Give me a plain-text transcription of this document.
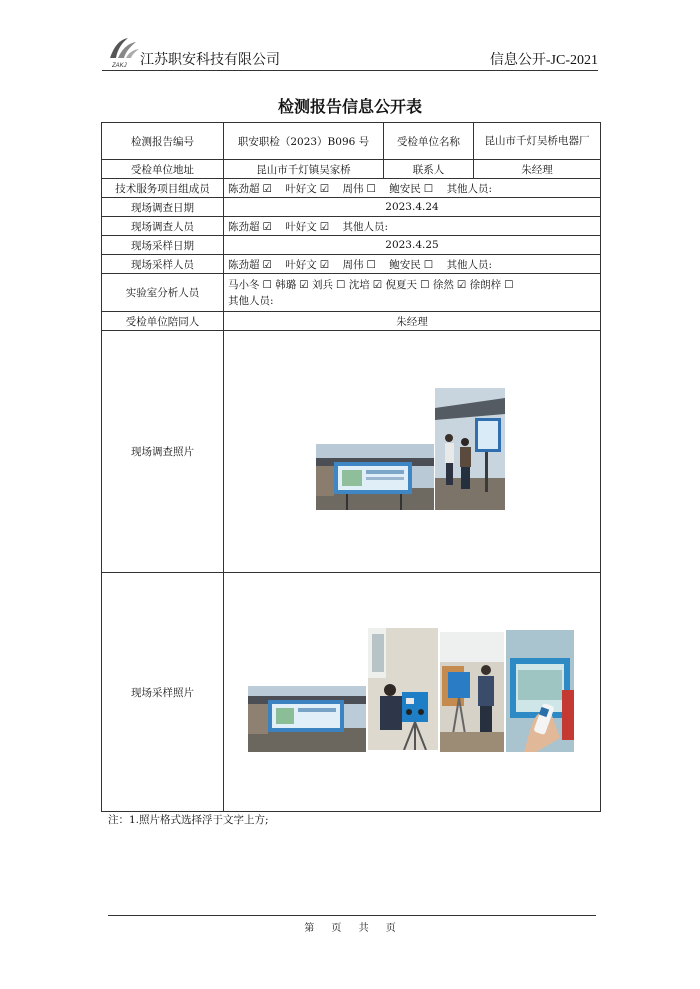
ZAKJ 江苏职安科技有限公司	信息公开-JC-2021
检测报告信息公开表
检测报告编号	职安职检（2023）B096 号	受检单位名称	昆山市千灯吴桥电器厂
受检单位地址	昆山市千灯镇吴家桥	联系人	朱经理
技术服务项目组成员	陈劲超 ☑ 叶好文 ☑ 周伟 ☐ 鲍安民 ☐ 其他人员:		
现场调查日期	2023.4.24		
现场调查人员	陈劲超 ☑ 叶好文 ☑ 其他人员:		
现场采样日期	2023.4.25		
现场采样人员	陈劲超 ☑ 叶好文 ☑ 周伟 ☐ 鲍安民 ☐ 其他人员:		
实验室分析人员	马小冬 ☐ 韩璐 ☑ 刘兵 ☐ 沈培 ☑ 倪夏天 ☐ 徐然 ☑ 徐朗梓 ☐
其他人员:		
受检单位陪同人	朱经理		
现场调查照片			
现场采样照片			
注：1.照片格式选择浮于文字上方;
第 页 共 页
